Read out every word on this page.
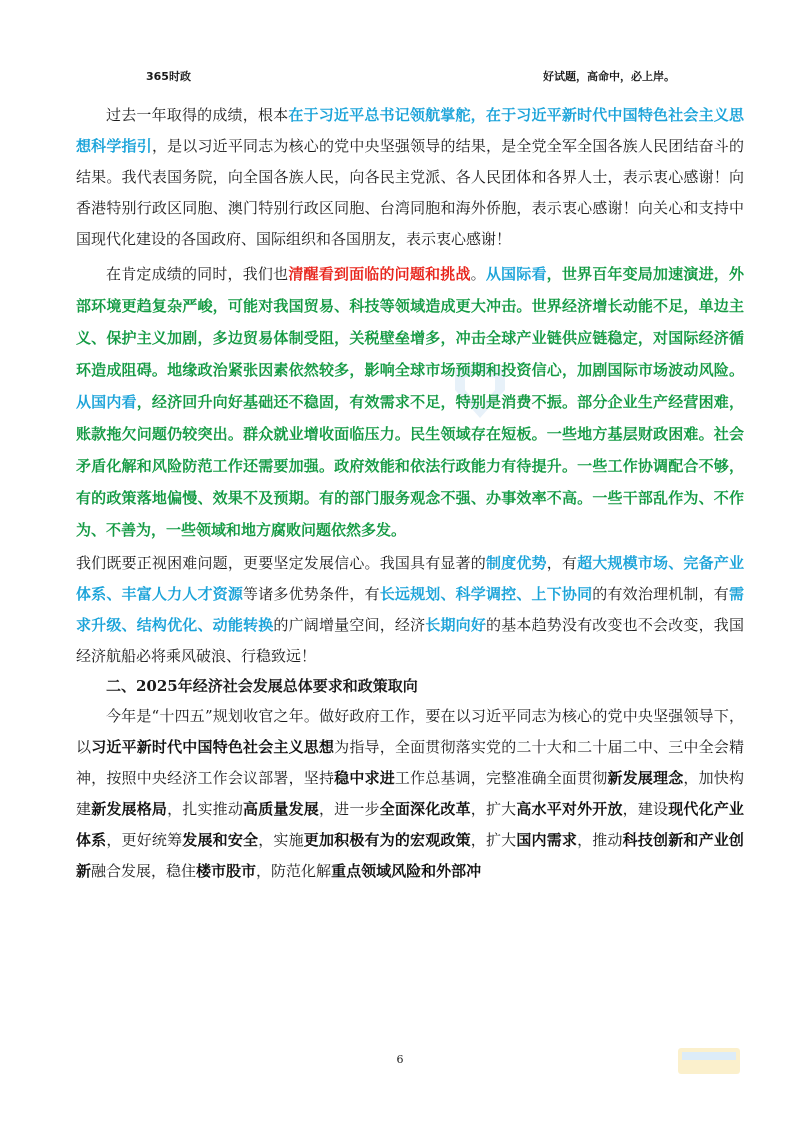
365时政	好试题，高命中，必上岸。

过去一年取得的成绩，根本在于习近平总书记领航掌舵，在于习近平新时代中国特色社会主义思想科学指引，是以习近平同志为核心的党中央坚强领导的结果，是全党全军全国各族人民团结奋斗的结果。我代表国务院，向全国各族人民，向各民主党派、各人民团体和各界人士，表示衷心感谢！向香港特别行政区同胞、澳门特别行政区同胞、台湾同胞和海外侨胞，表示衷心感谢！向关心和支持中国现代化建设的各国政府、国际组织和各国朋友，表示衷心感谢！

在肯定成绩的同时，我们也清醒看到面临的问题和挑战。从国际看，世界百年变局加速演进，外部环境更趋复杂严峻，可能对我国贸易、科技等领域造成更大冲击。世界经济增长动能不足，单边主义、保护主义加剧，多边贸易体制受阻，关税壁垒增多，冲击全球产业链供应链稳定，对国际经济循环造成阻碍。地缘政治紧张因素依然较多，影响全球市场预期和投资信心，加剧国际市场波动风险。从国内看，经济回升向好基础还不稳固，有效需求不足，特别是消费不振。部分企业生产经营困难，账款拖欠问题仍较突出。群众就业增收面临压力。民生领域存在短板。一些地方基层财政困难。社会矛盾化解和风险防范工作还需要加强。政府效能和依法行政能力有待提升。一些工作协调配合不够，有的政策落地偏慢、效果不及预期。有的部门服务观念不强、办事效率不高。一些干部乱作为、不作为、不善为，一些领域和地方腐败问题依然多发。

我们既要正视困难问题，更要坚定发展信心。我国具有显著的制度优势，有超大规模市场、完备产业体系、丰富人力人才资源等诸多优势条件，有长远规划、科学调控、上下协同的有效治理机制，有需求升级、结构优化、动能转换的广阔增量空间，经济长期向好的基本趋势没有改变也不会改变，我国经济航船必将乘风破浪、行稳致远！

二、2025年经济社会发展总体要求和政策取向

今年是“十四五”规划收官之年。做好政府工作，要在以习近平同志为核心的党中央坚强领导下，以习近平新时代中国特色社会主义思想为指导，全面贯彻落实党的二十大和二十届二中、三中全会精神，按照中央经济工作会议部署，坚持稳中求进工作总基调，完整准确全面贯彻新发展理念，加快构建新发展格局，扎实推动高质量发展，进一步全面深化改革，扩大高水平对外开放，建设现代化产业体系，更好统筹发展和安全，实施更加积极有为的宏观政策，扩大国内需求，推动科技创新和产业创新融合发展，稳住楼市股市，防范化解重点领域风险和外部冲

6
